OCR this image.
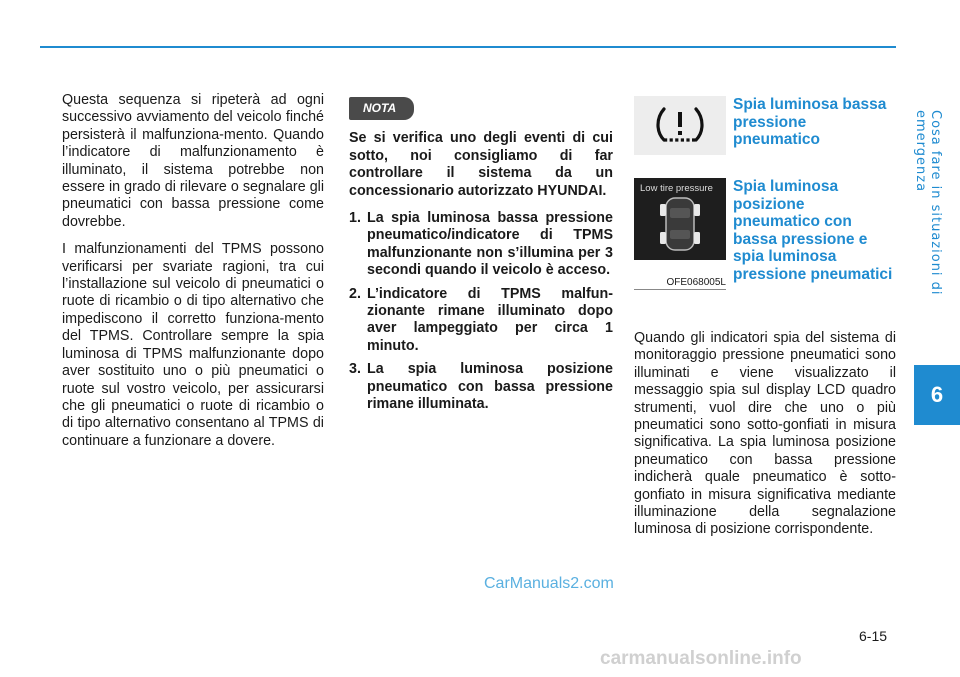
Cosa fare in situazioni di emergenza
6

Questa sequenza si ripeterà ad ogni successivo avviamento del veicolo finché persisterà il malfunziona-mento. Quando l’indicatore di malfunzionamento è illuminato, il sistema potrebbe non essere in grado di rilevare o segnalare gli pneumatici con bassa pressione come dovrebbe.

I malfunzionamenti del TPMS possono verificarsi per svariate ragioni, tra cui l’installazione sul veicolo di pneumatici o ruote di ricambio o di tipo alternativo che impediscono il corretto funziona-mento del TPMS. Controllare sempre la spia luminosa di TPMS malfunzionante dopo aver sostituito uno o più pneumatici o ruote sul vostro veicolo, per assicurarsi che gli pneumatici o ruote di ricambio o di tipo alternativo consentano al TPMS di continuare a funzionare a dovere.

NOTA

Se si verifica uno degli eventi di cui sotto, noi consigliamo di far controllare il sistema da un concessionario autorizzato HYUNDAI.

1. La spia luminosa bassa pressione pneumatico/indicatore di TPMS malfunzionante non s’illumina per 3 secondi quando il veicolo è acceso.
2. L’indicatore di TPMS malfun-zionante rimane illuminato dopo aver lampeggiato per circa 1 minuto.
3. La spia luminosa posizione pneumatico con bassa pressione rimane illuminata.
Spia luminosa bassa pressione pneumatico
Low tire pressure
OFE068005L
Spia luminosa posizione pneumatico con bassa pressione e spia luminosa pressione pneumatici

Quando gli indicatori spia del sistema di monitoraggio pressione pneumatici sono illuminati e viene visualizzato il messaggio spia sul display LCD quadro strumenti, vuol dire che uno o più pneumatici sono sotto-gonfiati in misura significativa. La spia luminosa posizione pneumatico con bassa pressione indicherà quale pneumatico è sotto-gonfiato in misura significativa mediante illuminazione della segnalazione luminosa di posizione corrispondente.

CarManuals2.com
6-15
carmanualsonline.info
